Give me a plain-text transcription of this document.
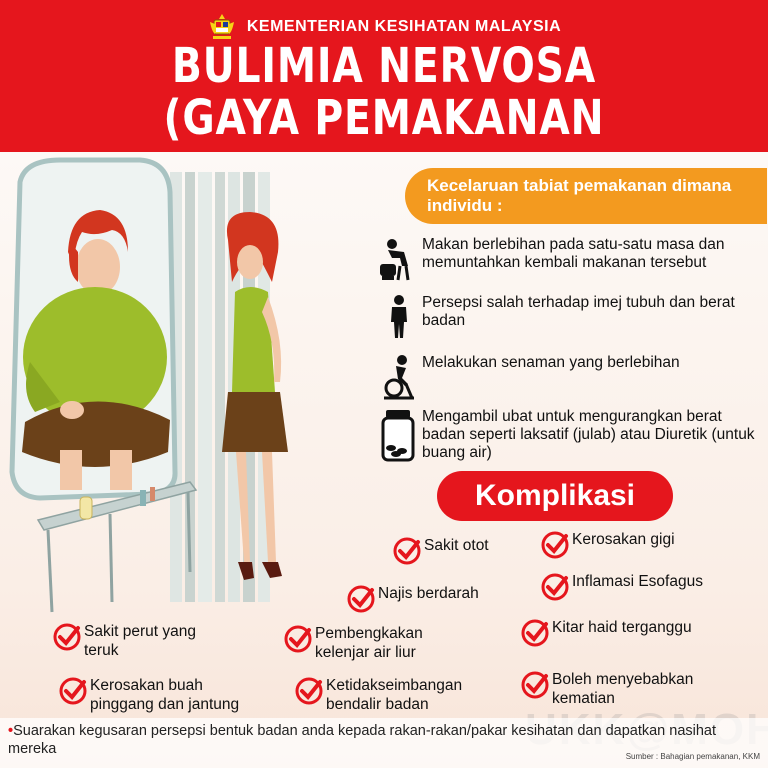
KEMENTERIAN KESIHATAN MALAYSIA
BULIMIA NERVOSA
(GAYA PEMAKANAN
Kecelaruan tabiat pemakanan dimana individu :
Makan berlebihan pada satu-satu masa dan memuntahkan kembali makanan tersebut
Persepsi salah terhadap imej tubuh dan berat badan
Melakukan senaman yang berlebihan
Mengambil ubat untuk mengurangkan berat badan seperti laksatif (julab) atau Diuretik (untuk buang air)
Komplikasi
Sakit otot	Kerosakan gigi
Inflamasi Esofagus
Najis berdarah
Sakit perut yang teruk
Pembengkakan kelenjar air liur
Kitar haid terganggu
Kerosakan buah pinggang dan jantung
Ketidakseimbangan bendalir badan
Boleh menyebabkan kematian
•Suarakan kegusaran persepsi bentuk badan anda kepada rakan-rakan/pakar kesihatan dan dapatkan nasihat mereka	Sumber : Bahagian pemakanan, KKM
